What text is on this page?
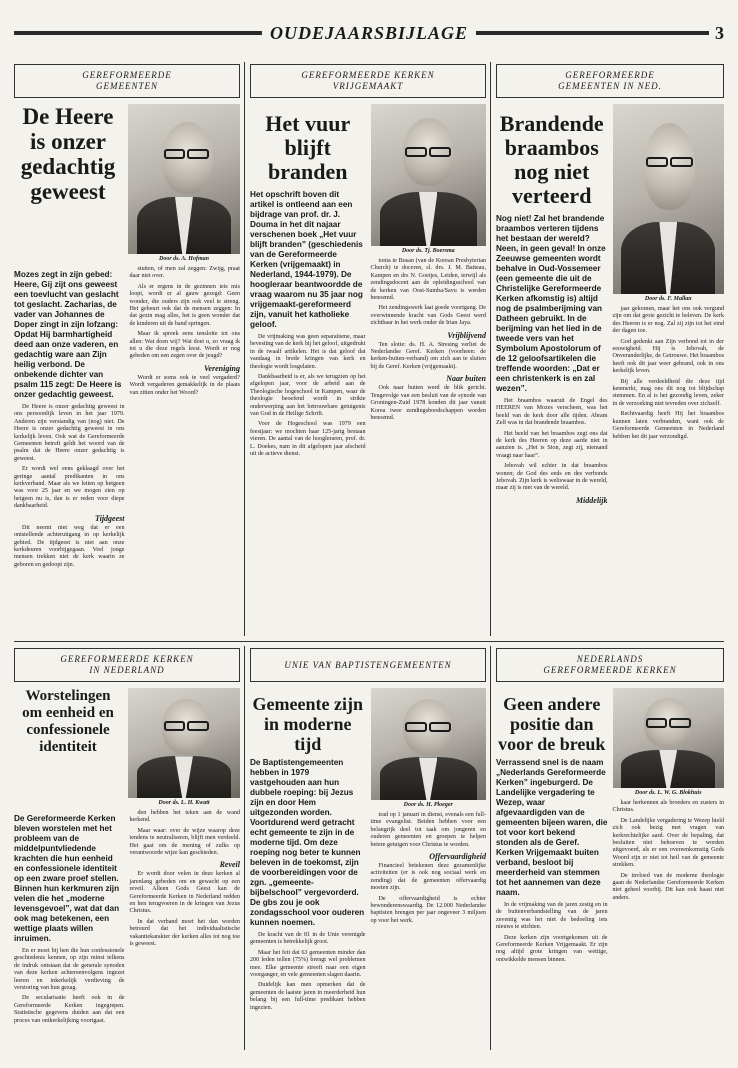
OUDEJAARSBIJLAGE	3
GEREFORMEERDE
GEMEENTEN
De Heere is onzer gedachtig geweest
Door ds. A. Hofman

Mozes zegt in zijn gebed: Heere, Gij zijt ons geweest een toevlucht van geslacht tot geslacht. Zacharias, de vader van Johannes de Doper zingt in zijn lofzang: Opdat Hij barmhartigheid deed aan onze vaderen, en gedachtig ware aan Zijn heilig verbond. De onbekende dichter van psalm 115 zegt: De Heere is onzer gedachtig geweest.

De Heere is onzer gedachtig geweest in ons persoonlijk leven in het jaar 1979. Anderen zijn verstandig van (nog) niet. De Heere is onzer gedachtig geweest in ons kerkelijk leven. Ook wat de Gereformeerde Gemeenten betreft geldt het woord van de psalm dat de Heere onzer gedachtig is geweest.

Er wordt wel eens geklaagd over het geringe aantal predikanten in ons kerkverband. Maar als we letten op hetgeen was voor 25 jaar en we mogen zien op hetgeen nu is, dan is er reden voor diepe dankbaarheid.

Tijdgeest

Dit neemt niet weg dat er een ontstellende achteruitgang in op kerkelijk gebied. De tijdgeest is niet aan onze kerkdeuren voorbijgegaan. Veel jonge mensen trekken niet de kerk waarin ze geboren en gedoopt zijn.

stuiten, of men zal zeggen: Zwijg, praat daar niet over.

Als er ergens in de gezinnen iets mis loopt, wordt er al gauw gezegd: Geen wonder, die ouders zijn ook veel te streng. Het gebeurt ook dat de mensen zeggen: In dat gezin mag alles, het is geen wonder dat de kinderen uit de band springen.

Maar ik spreek eens tenslotte tot ons allen: Wat doen wij? Wat doet u, zo vraag ik tot u die deze regels leest. Wordt er nog gebeden om een zegen over de jeugd?

Vereniging

Wordt er soms ook te veel vergaderd? Wordt vergaderen gemakkelijk in de plaats van zitten onder het Woord?

GEREFORMEERDE KERKEN
VRIJGEMAAKT
Het vuur blijft branden

Het opschrift boven dit artikel is ontleend aan een bijdrage van prof. dr. J. Douma in het dit najaar verschenen boek „Het vuur blijft branden” (geschiedenis van de Gereformeerde Kerken (vrijgemaakt) in Nederland, 1944-1979). De hoogleraar beantwoordde de vraag waarom nu 35 jaar nog vrijgemaakt-gereformeerd zijn, vanuit het katholieke geloof.

De vrijmaking was geen separatisme, maar bevesting van de kerk bij het geloof, uitgedrukt in de twaalf artikelen. Het is dat geloof dat vandaag in brede kringen van kerk en theologie wordt losgelaten.

Dankbaarheid is er, als we terugzien op het afgelopen jaar, voor de arbeid aan de Theologische hogeschool in Kampen, waar de theologie beoefend wordt in strikte onderwerping aan het betrouwbare getuigenis van God in de Heilige Schrift.

Voor de Hogeschool was 1979 een feestjaar: we mochten haar 125-jarig bestaan vieren. De aantal van de hoogleraren, prof. dr. L. Doekes, nam in dit afgelopen jaar afscheid uit de actieve dienst.

Door ds. Tj. Boersma

tonia te Busan (van de Korean Presbyterian Church) te doceren, sl. drs. J. M. Batteau, Kampen en drs N. Goetjes, Leiden, terwijl als zendingsdocent aan de opleidingsschool van de kerken van Oost-Sumba/Savu is werden benoemd.

Het zendingswerk laat goede voortgang. De overwinnende kracht van Gods Geest werd zichtbaar in het werk onder de Irian Jaya.

Vrijblijvend

Ten slotte: ds. H. A. Stresing verliet de Nederlandse Geref. Kerken (voorheen: de kerken-buiten-verband) om zich aan te sluiten bij de Geref. Kerken (vrijgemaakt).

Naar buiten

Ook naar buiten werd de blik gericht. Tengevolge van een besluit van de synode van Groningen-Zuid 1978 konden dit jaar vanuit Korea twee zendingsboodschappen worden benoemd.

GEREFORMEERDE
GEMEENTEN IN NED.
Brandende braambos nog niet verteerd

Nog niet! Zal het brandende braambos verteren tijdens het bestaan der wereld? Neen, in geen geval! In onze Zeeuwse gemeenten wordt behalve in Oud-Vossemeer (een gemeente die uit de Christelijke Gereformeerde Kerken afkomstig is) altijd nog de psalmberijming van Datheen gebruikt. In de berijming van het lied in de tweede vers van het Symbolum Apostolorum of de 12 geloofsartikelen die treffende woorden: „Dat er een christenkerk is en zal wezen”.

Het braambos waaruit de Engel des HEEREN van Mozes verscheen, was het beeld van de kerk door alle tijden. Abram Zelf was in dat brandende braambos.

Het beeld van het braambos zegt ons dat de kerk des Heeren op deze aarde niet in aanzien is. „Het is Sion, zegt zij, niemand vraagt naar haar”.

Jehovah wil echter in dat braambos wonen; de God des eeds en des verbonds Jehovah. Zijn kerk is weliswaar in de wereld, maar zij is niet van de wereld.

Middelijk
Door ds. F. Mallan

jaar gekomen, maar het ons ook vergund zijn om dat grote gezicht te beleven. De kerk des Heeren is er nog. Zal zij zijn tot het eind der dagen toe.

God gedenkt aan Zijn verbond tot in der eeuwigheid. Hij is Jehovah, de Onveranderlijke, de Getrouwe. Het braambos heeft ook dit jaar weer gebrand, ook in ons kerkelijk leven.

Bij alle verdeeldheid die deze tijd kenmerkt, mag ons dit nog tot blijdschap stemmen. En al is het gezondig leven, zeker in de verzoeking niet tevreden over zichzelf.

Rechtvaardig heeft Hij het braambos kunnen laten verbranden, want ook de Gereformeerde Gemeenten in Nederland hebben het dit jaar verzondigd.

GEREFORMEERDE KERKEN
IN NEDERLAND
Worstelingen om eenheid en confessionele identiteit
Door ds. L. H. Kwatt

De Gereformeerde Kerken bleven worstelen met het probleem van de middelpuntvliedende krachten die hun eenheid en confessionele identiteit op een zware proef stellen. Binnen hun kerkmuren zijn velen die het „moderne levensgevoel”, wat dat dan ook mag betekenen, een wettige plaats willen inruimen.

En er moet bij hen die hun confessionele geschiedenis kennen, op zijn minst telkens de indruk ontstaan dat de generale synoden van deze kerken achtereenvolgens ingezet leeren en inkerkelijk verdieving de verstoring van hun gezag.

De secularisatie heeft ook in de Gereformeerde Kerken ingegrepen. Statistische gegevens duiden aan dat een proces van ontkerkelijking voortgaat.

den hebben het teken aan de wand herkend.

Maar waar: over de wijze waarop deze tendens te neutraliseren, blijft men verdeeld. Het gaat om de mening of zulks op verantwoorde wijze kan geschieden.

Reveil

Er wordt door velen in deze kerken al jarenlang gebeden om en gewacht op een reveil. Alleen Gods Geest kan de Gereformeerde Kerken in Nederland redden en hen terugvoeren in de kringen van Jezus Christus.

In dat verband moet het dan worden betreurd dat het individualistische vakantiekarakter der kerken alles tot nog toe is geweest.

UNIE VAN BAPTISTENGEMEENTEN
Gemeente zijn in moderne tijd

De Baptistengemeenten hebben in 1979 vastgehouden aan hun dubbele roeping: bij Jezus zijn en door Hem uitgezonden worden. Voortdurend werd getracht echt gemeente te zijn in de moderne tijd. Om deze roeping nog beter te kunnen beleven in de toekomst, zijn de voorbereidingen voor de zgn. „gemeente-bijbelschool” vergevorderd. De gbs zou je ook zondagsschool voor ouderen kunnen noemen.

De kracht van de 81 in de Unie verenigde gemeenten is betrekkelijk groot.

Maar het feit dat 63 gemeenten minder dan 200 leden tellen (75%) brengt wel problemen mee. Elke gemeente streeft naar een eigen voorganger, en vele gemeenten slagen daarin.

Duidelijk kan men opmerken dat de gemeenten de laatste jaren in meerderheid hun belang bij een full-time predikant hebben ingezien.

Door ds. H. Ploeger

trad op 1 januari in dienst, evenals een full-time evangelist. Beiden hebben voor een belangrijk deel tot taak om jongeren en ouderen gemeenten en groepen te helpen betere getuigen voor Christus te worden.

Offervaardigheid

Financieel betekenen deze gezamenlijke activiteiten (er is ook nog sociaal werk en zending) dat de gemeenten offervaardig moeten zijn.

De offervaardigheid is echter bewonderenswaardig. De 12.000 Nederlandse baptisten brengen per jaar ongeveer 3 miljoen op voor het werk.

NEDERLANDS
GEREFORMEERDE KERKEN
Geen andere positie dan voor de breuk

Verrassend snel is de naam „Nederlands Gereformeerde Kerken” ingeburgerd. De Landelijke vergadering te Wezep, waar afgevaardigden van de gemeenten bijeen waren, die tot voor kort bekend stonden als de Geref. Kerken Vrijgemaakt buiten verband, besloot bij meerderheid van stemmen tot het aannemen van deze naam.

In de vrijmaking van de jaren zestig en in de buitenverbandstelling van de jaren zeventig was het niet de bedoeling iets nieuws te stichten.

Deze kerken zijn voortgekomen uit de Gereformeerde Kerken Vrijgemaakt. Er zijn nog altijd grote kringen van wettige, ontwikkelde mensen binnen.

Door ds. L. W. G. Blokhuis

kaar herkennen als broeders en zusters in Christus.

De Landelijke vergadering te Wezep hield zich ook bezig met vragen van kerkrechtelijke aard. Over de bepaling, dat besluiten niet behoeven te worden uitgevoerd, als er een overeenkomstig Gods Woord zijn er niet tot heil van de gemeente strekken.

De invloed van de moderne theologie gaan de Nederlandse Gereformeerde Kerken niet geheel voorbij. Dit kan ook haast niet anders.
